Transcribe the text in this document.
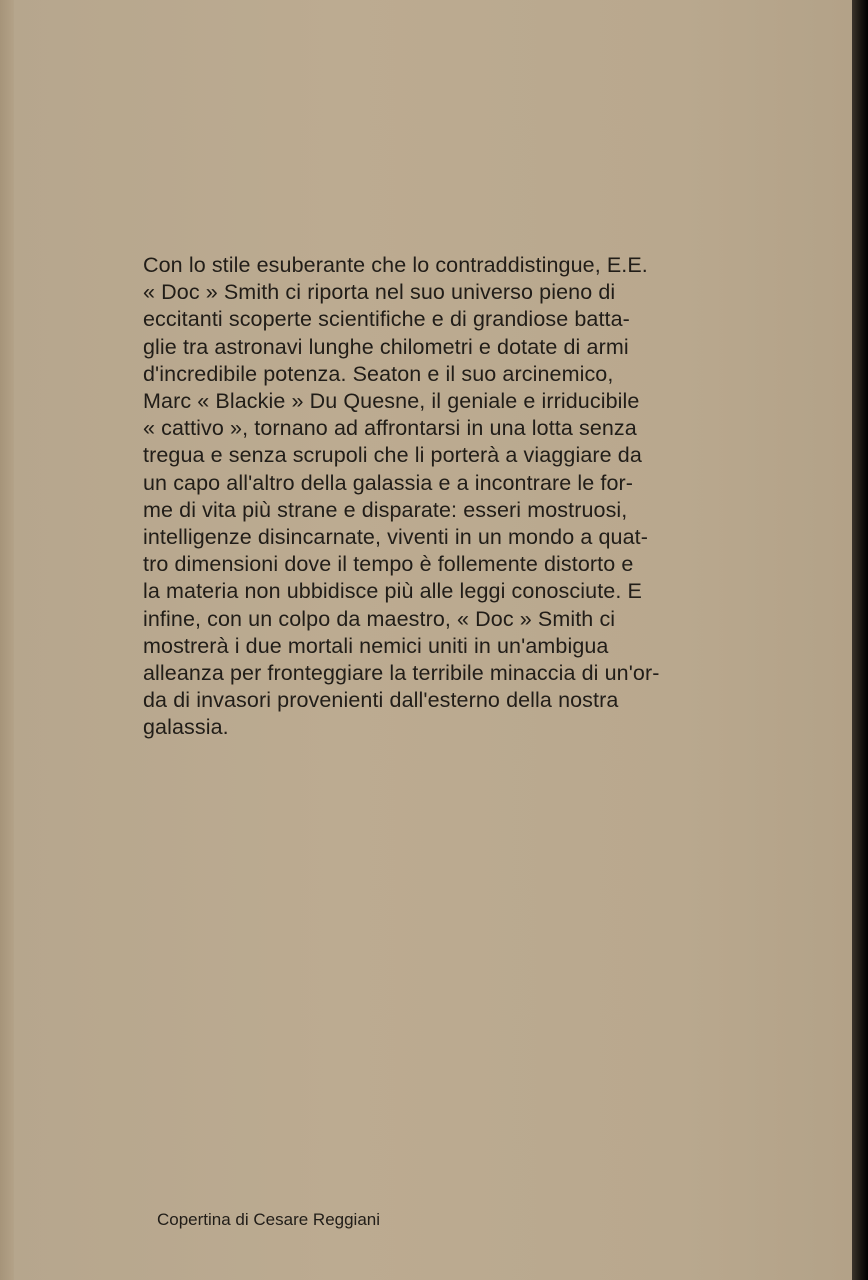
Con lo stile esuberante che lo contraddistingue, E.E.
« Doc » Smith ci riporta nel suo universo pieno di
eccitanti scoperte scientifiche e di grandiose batta-
glie tra astronavi lunghe chilometri e dotate di armi
d'incredibile potenza. Seaton e il suo arcinemico,
Marc « Blackie » Du Quesne, il geniale e irriducibile
« cattivo », tornano ad affrontarsi in una lotta senza
tregua e senza scrupoli che li porterà a viaggiare da
un capo all'altro della galassia e a incontrare le for-
me di vita più strane e disparate: esseri mostruosi,
intelligenze disincarnate, viventi in un mondo a quat-
tro dimensioni dove il tempo è follemente distorto e
la materia non ubbidisce più alle leggi conosciute. E
infine, con un colpo da maestro, « Doc » Smith ci
mostrerà i due mortali nemici uniti in un'ambigua
alleanza per fronteggiare la terribile minaccia di un'or-
da di invasori provenienti dall'esterno della nostra
galassia.

Copertina di Cesare Reggiani
